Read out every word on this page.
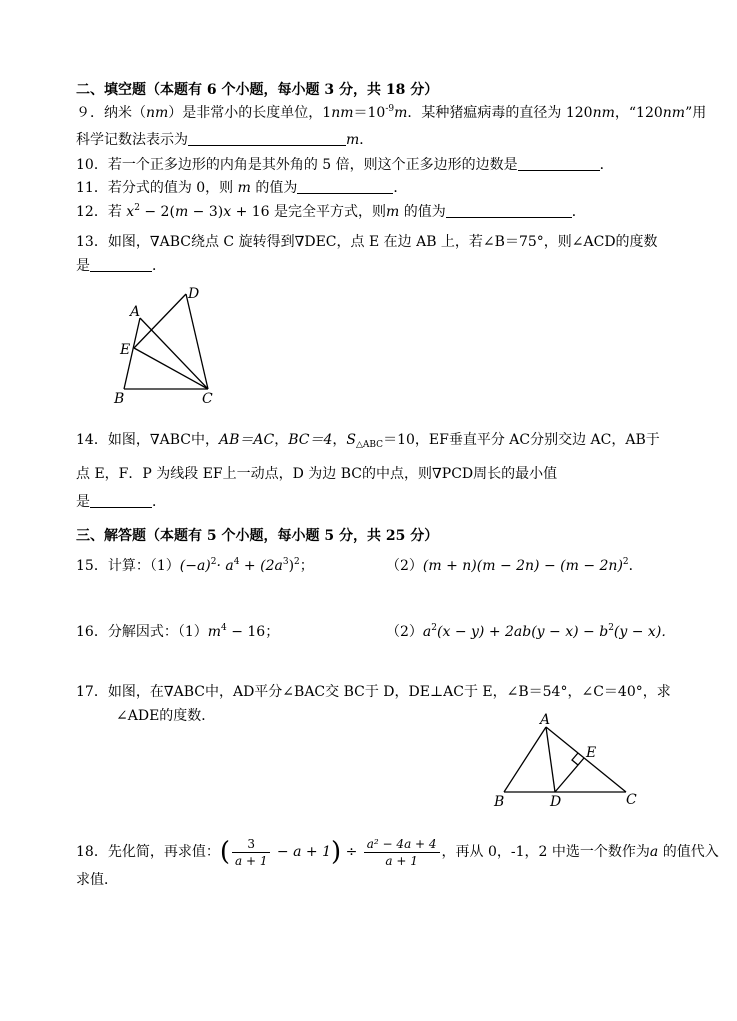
二、填空题（本题有 6 个小题，每小题 3 分，共 18 分）
９．纳米（nm）是非常小的长度单位，$1nm=10^{-9}m$．某种猪瘟病毒的直径为 120nm，“120nm”用
科学记数法表示为	m．
10．若一个正多边形的内角是其外角的 5 倍，则这个正多边形的边数是	．
11．若分式的值为 0，则 m 的值为	．
12．若 $x^2 - 2(m - 3)x + 16$ 是完全平方式，则m 的值为	．
13．如图，∇ABC绕点 C 旋转得到∇DEC，点 E 在边 AB 上，若∠B＝75°，则∠ACD的度数
是	．
A
D
E
B	C
14．如图，∇ABC中，AB＝AC，BC＝4，$S_{\triangle ABC}=10$，EF垂直平分 AC分别交边 AC，AB于
点 E，F．P 为线段 EF上一动点，D 为边 BC的中点，则∇PCD周长的最小值
是	．
三、解答题（本题有 5 个小题，每小题 5 分，共 25 分）
15．计算：$(1)(-a)^2\cdot a^4 + (2a^3)^2$；	$(2)(m + n)(m - 2n) - (m - 2n)^2$．
16．分解因式：$(1)m^4 - 16$；	$(2)a^2(x - y) + 2ab(y - x) - b^2(y - x)$．
17．如图，在∇ABC中，AD平分∠BAC交 BC于 D，DE⊥AC于 E，∠B＝54°，∠C＝40°，求
∠ADE的度数．	A
E
B	D	C
18．先化简，再求值：( $\frac{3}{a + 1} - a + 1) \div \frac{\text{a² − 4a + 4}}{a + 1}$ ，再从 0，-1，2 中选一个数作为a 的值代入
求值．
